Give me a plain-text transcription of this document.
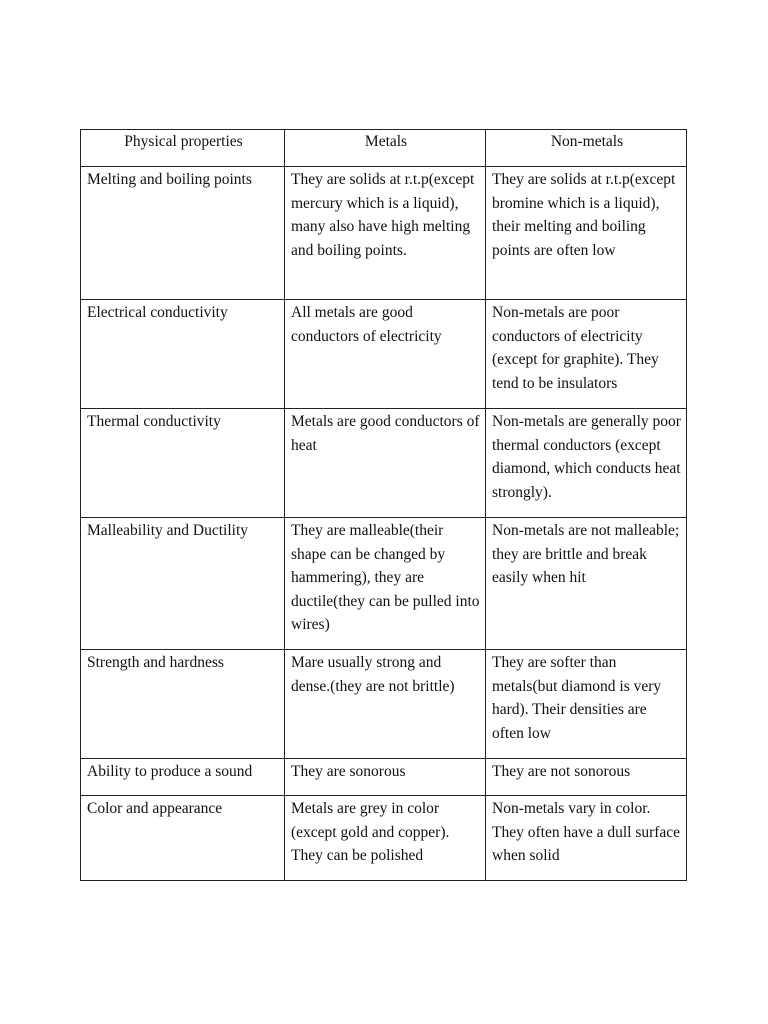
Physical properties	Metals	Non-metals
Melting and boiling points	They are solids at r.t.p(except mercury which is a liquid), many also have high melting and boiling points.	They are solids at r.t.p(except bromine which is a liquid), their melting and boiling points are often low
Electrical conductivity	All metals are good conductors of electricity	Non-metals are poor conductors of electricity (except for graphite). They tend to be insulators
Thermal conductivity	Metals are good conductors of heat	Non-metals are generally poor thermal conductors (except diamond, which conducts heat strongly).
Malleability and Ductility	They are malleable(their shape can be changed by hammering), they are ductile(they can be pulled into wires)	Non-metals are not malleable; they are brittle and break easily when hit
Strength and hardness	Mare usually strong and dense.(they are not brittle)	They are softer than metals(but diamond is very hard). Their densities are often low
Ability to produce a sound	They are sonorous	They are not sonorous
Color and appearance	Metals are grey in color (except gold and copper). They can be polished	Non-metals vary in color. They often have a dull surface when solid
